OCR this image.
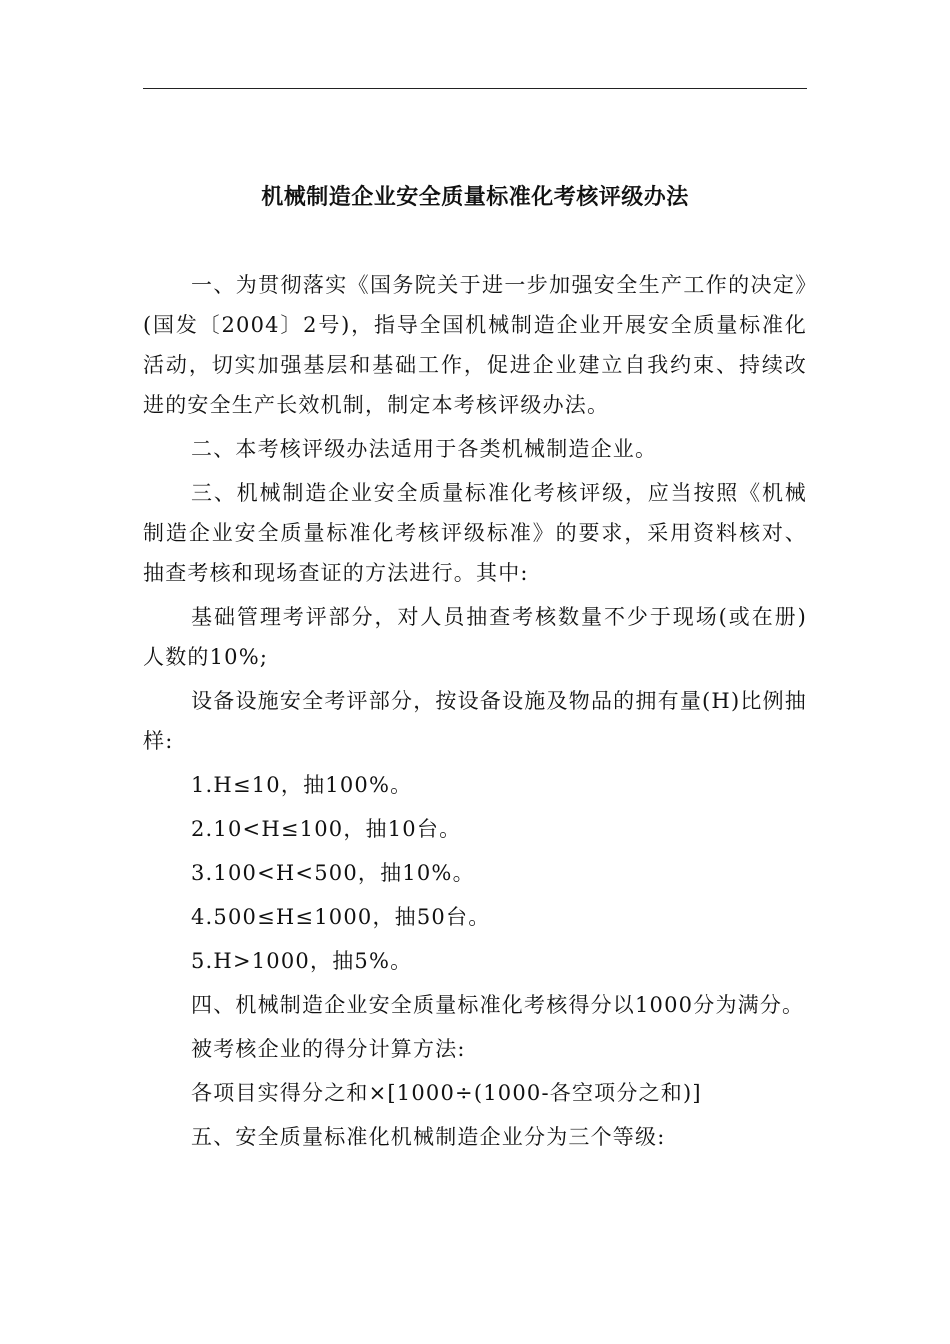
机械制造企业安全质量标准化考核评级办法

一、为贯彻落实《国务院关于进一步加强安全生产工作的决定》(国发〔2004〕2号)，指导全国机械制造企业开展安全质量标准化活动，切实加强基层和基础工作，促进企业建立自我约束、持续改进的安全生产长效机制，制定本考核评级办法。

二、本考核评级办法适用于各类机械制造企业。

三、机械制造企业安全质量标准化考核评级，应当按照《机械制造企业安全质量标准化考核评级标准》的要求，采用资料核对、抽查考核和现场查证的方法进行。其中:

基础管理考评部分，对人员抽查考核数量不少于现场(或在册)人数的10%;

设备设施安全考评部分，按设备设施及物品的拥有量(H)比例抽样:

1.H≤10，抽100%。

2.10<H≤100，抽10台。

3.100<H<500，抽10%。

4.500≤H≤1000，抽50台。

5.H>1000，抽5%。

四、机械制造企业安全质量标准化考核得分以1000分为满分。

被考核企业的得分计算方法:

各项目实得分之和×[1000÷(1000-各空项分之和)]

五、安全质量标准化机械制造企业分为三个等级:
